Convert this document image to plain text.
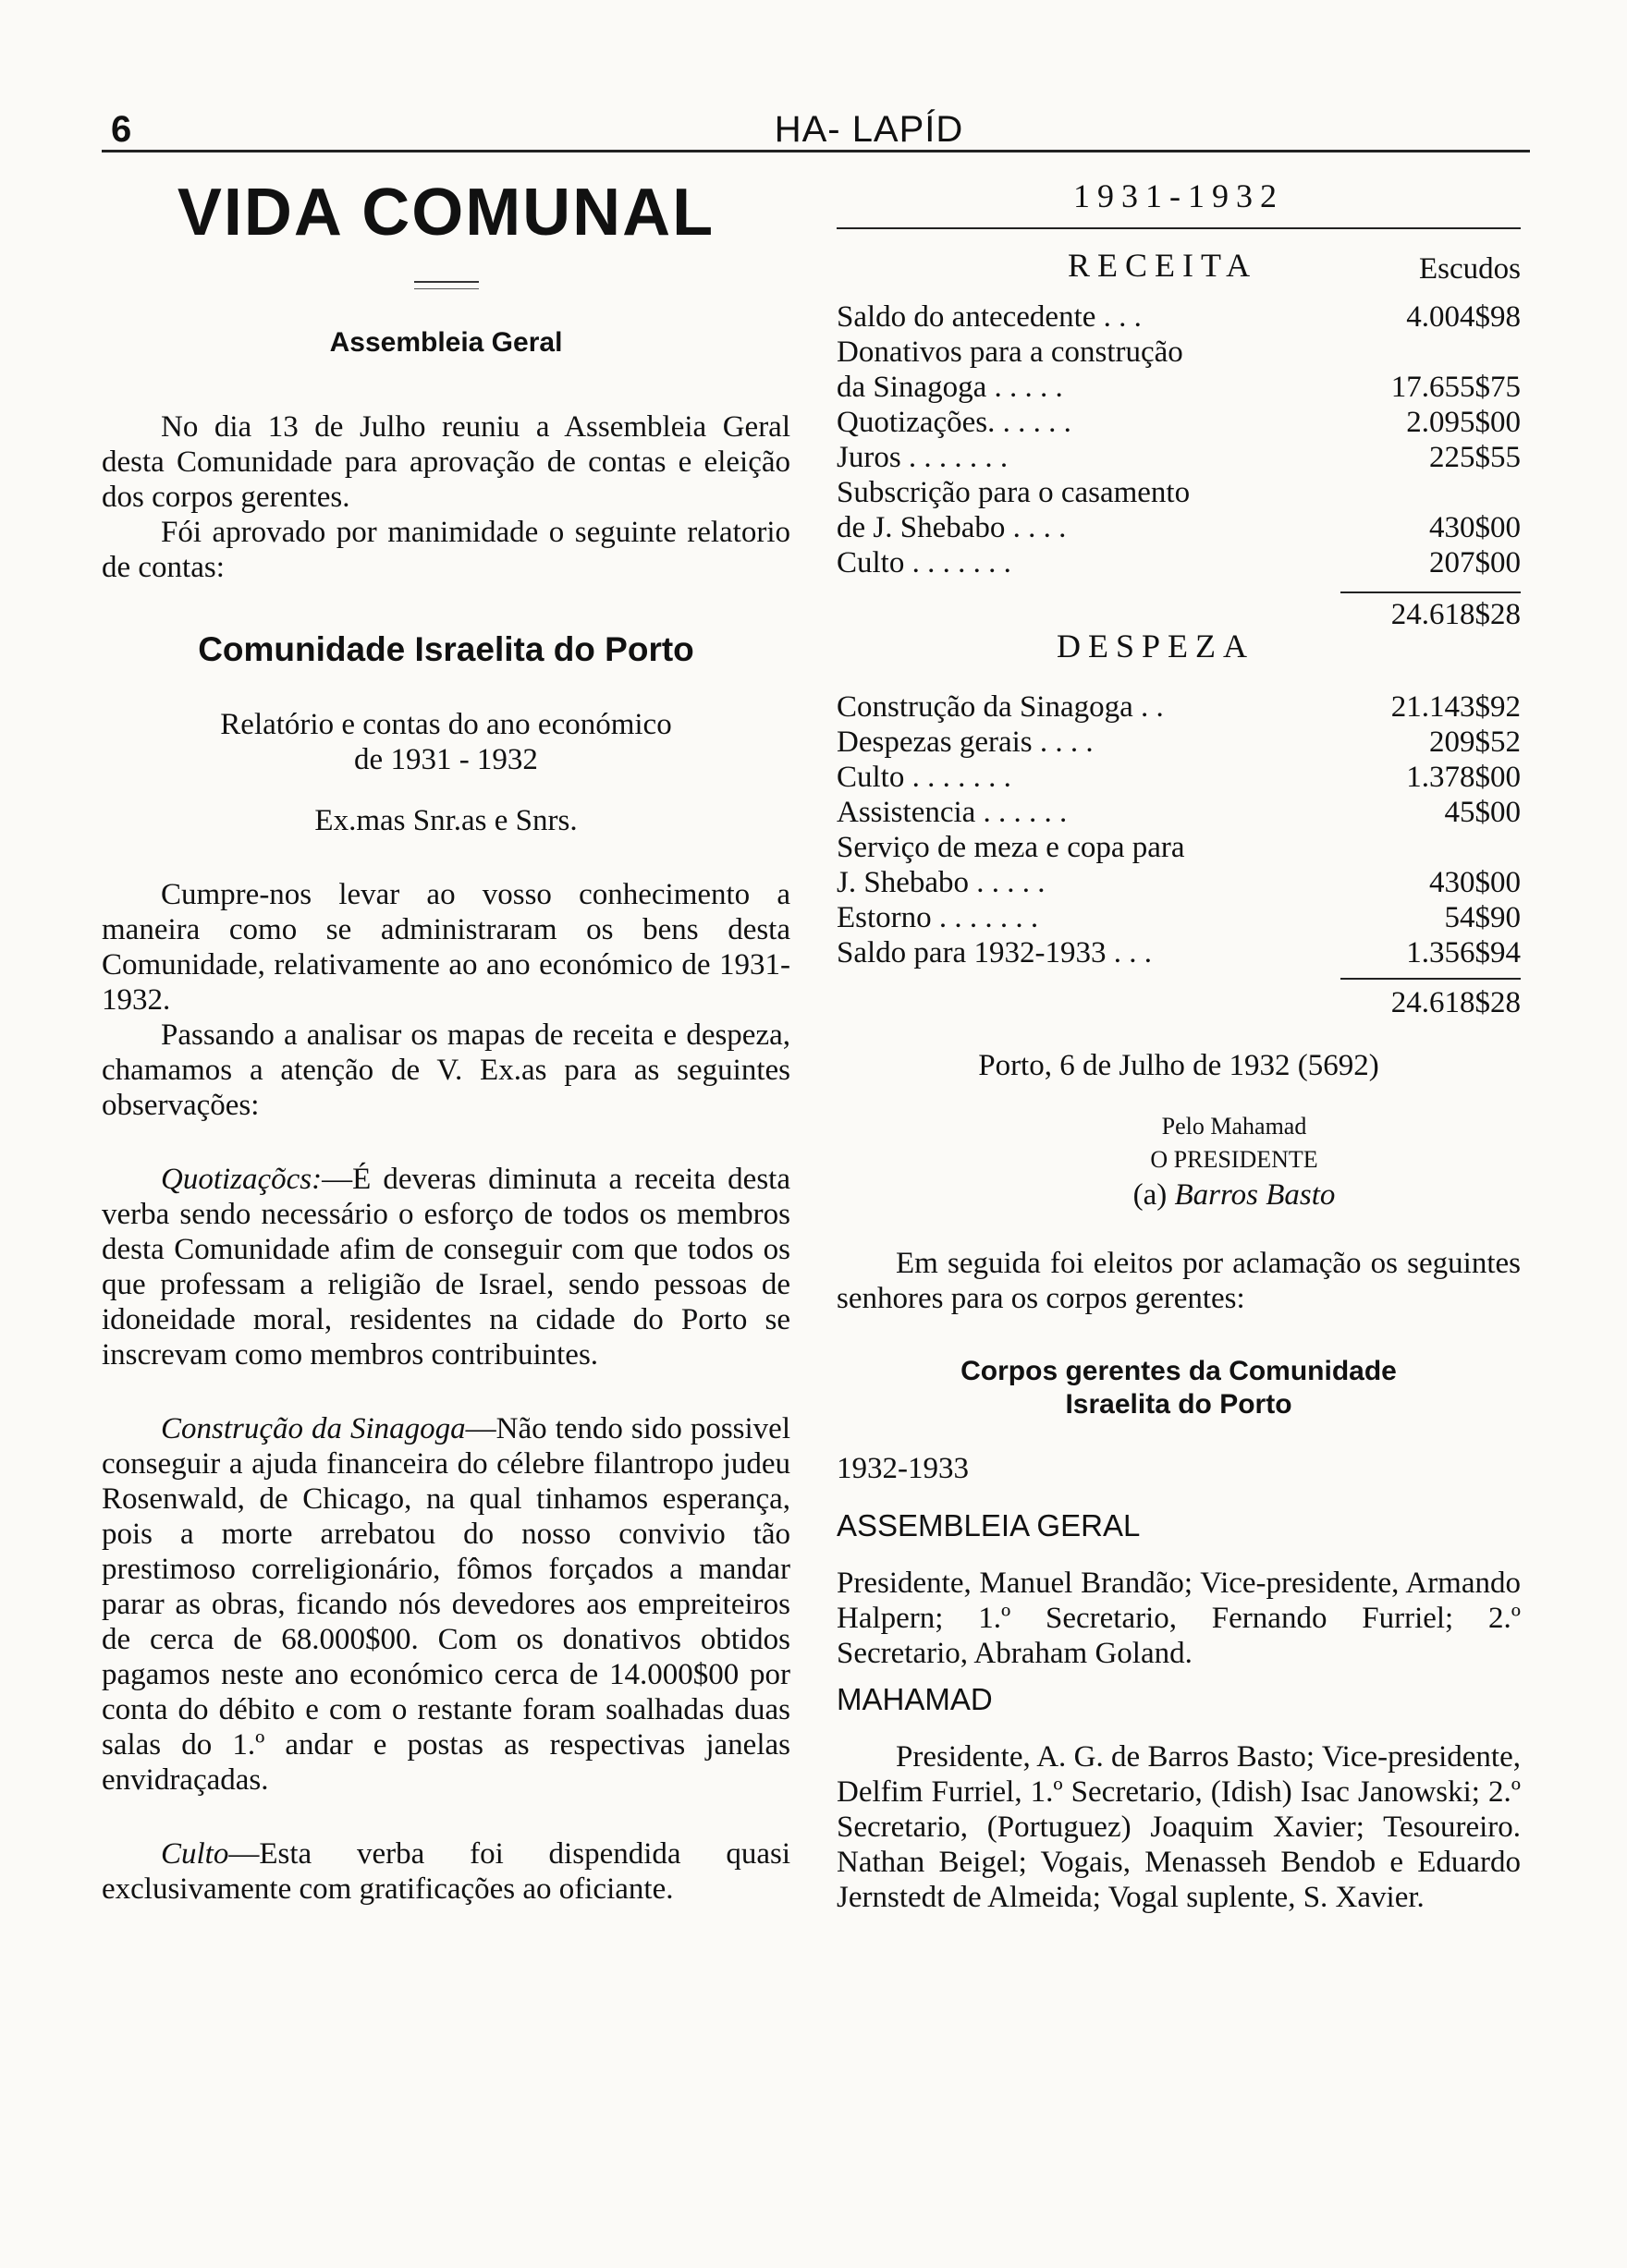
6	HA- LAPÍD
VIDA COMUNAL
Assembleia Geral

No dia 13 de Julho reuniu a Assembleia Geral desta Comunidade para aprovação de contas e eleição dos corpos gerentes.

Fói aprovado por manimidade o seguinte relatorio de contas:

Comunidade Israelita do Porto

Relatório e contas do ano económico

de 1931 - 1932

Ex.mas Snr.as e Snrs.

Cumpre-nos levar ao vosso conhecimento a maneira como se administraram os bens desta Comunidade, relativamente ao ano económico de 1931-1932.

Passando a analisar os mapas de receita e despeza, chamamos a atenção de V. Ex.as para as seguintes observações:

Quotizaçõcs:—É deveras diminuta a receita desta verba sendo necessário o esforço de todos os membros desta Comunidade afim de conseguir com que todos os que professam a religião de Israel, sendo pessoas de idoneidade moral, residentes na cidade do Porto se inscrevam como membros contribuintes.

Construção da Sinagoga—Não tendo sido possivel conseguir a ajuda financeira do célebre filantropo judeu Rosenwald, de Chicago, na qual tinhamos esperança, pois a morte arrebatou do nosso convivio tão prestimoso correligionário, fômos forçados a mandar parar as obras, ficando nós devedores aos empreiteiros de cerca de 68.000$00. Com os donativos obtidos pagamos neste ano económico cerca de 14.000$00 por conta do débito e com o restante foram soalhadas duas salas do 1.º andar e postas as respectivas janelas envidraçadas.

Culto—Esta verba foi dispendida quasi exclusivamente com gratificações ao oficiante.

1931-1932
RECEITA	Escudos
Saldo do antecedente . . .	4.004$98
Donativos para a construção
da Sinagoga . . . . .	17.655$75
Quotizações. . . . . .	2.095$00
Juros . . . . . . .	225$55
Subscrição para o casamento
de J. Shebabo . . . .	430$00
Culto . . . . . . .	207$00
24.618$28
DESPEZA
Construção da Sinagoga . .	21.143$92
Despezas gerais . . . .	209$52
Culto . . . . . . .	1.378$00
Assistencia . . . . . .	45$00
Serviço de meza e copa para
J. Shebabo . . . . .	430$00
Estorno . . . . . . .	54$90
Saldo para 1932-1933 . . .	1.356$94
24.618$28

Porto, 6 de Julho de 1932 (5692)

Pelo Mahamad

O PRESIDENTE

(a) Barros Basto

Em seguida foi eleitos por aclamação os seguintes senhores para os corpos gerentes:

Corpos gerentes da Comunidade
Israelita do Porto

1932-1933

ASSEMBLEIA GERAL

Presidente, Manuel Brandão; Vice-presidente, Armando Halpern; 1.º Secretario, Fernando Furriel; 2.º Secretario, Abraham Goland.

MAHAMAD

Presidente, A. G. de Barros Basto; Vice-presidente, Delfim Furriel, 1.º Secretario, (Idish) Isac Janowski; 2.º Secretario, (Portuguez) Joaquim Xavier; Tesoureiro. Nathan Beigel; Vogais, Menasseh Bendob e Eduardo Jernstedt de Almeida; Vogal suplente, S. Xavier.
